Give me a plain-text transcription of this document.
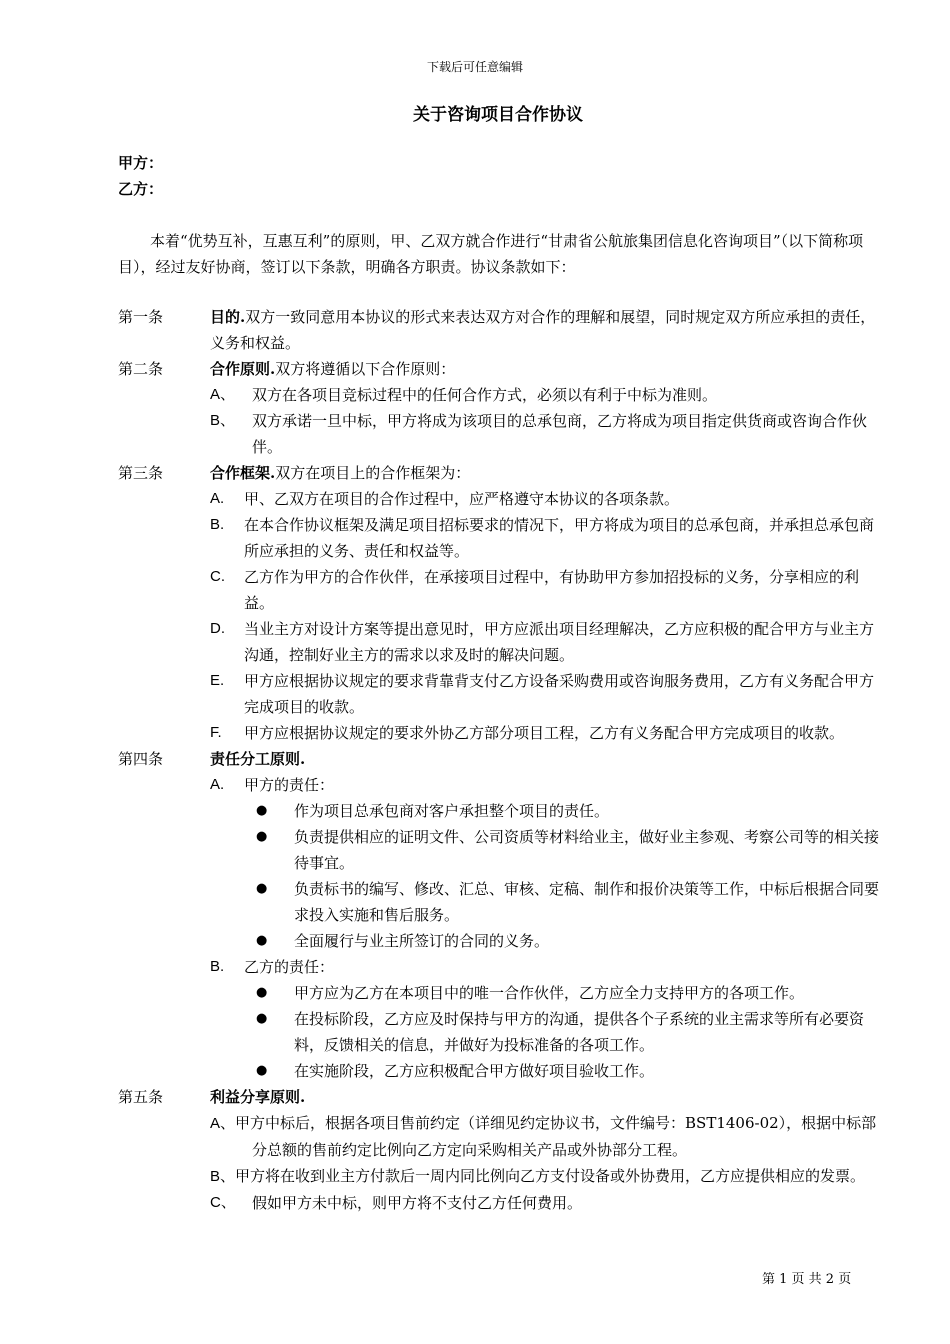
下载后可任意编辑
关于咨询项目合作协议
甲方：
乙方：
本着“优势互补，互惠互利”的原则，甲、乙双方就合作进行“甘肃省公航旅集团信息化咨询项目”（以下简称项目），经过友好协商，签订以下条款，明确各方职责。协议条款如下：
第一条	目的.双方一致同意用本协议的形式来表达双方对合作的理解和展望，同时规定双方所应承担的责任，义务和权益。
第二条	合作原则.双方将遵循以下合作原则：
A、	双方在各项目竞标过程中的任何合作方式，必须以有利于中标为准则。
B、	双方承诺一旦中标，甲方将成为该项目的总承包商，乙方将成为项目指定供货商或咨询合作伙伴。
第三条	合作框架.双方在项目上的合作框架为：
A.	甲、乙双方在项目的合作过程中，应严格遵守本协议的各项条款。
B.	在本合作协议框架及满足项目招标要求的情况下，甲方将成为项目的总承包商，并承担总承包商所应承担的义务、责任和权益等。
C.	乙方作为甲方的合作伙伴，在承接项目过程中，有协助甲方参加招投标的义务，分享相应的利益。
D.	当业主方对设计方案等提出意见时，甲方应派出项目经理解决，乙方应积极的配合甲方与业主方沟通，控制好业主方的需求以求及时的解决问题。
E.	甲方应根据协议规定的要求背靠背支付乙方设备采购费用或咨询服务费用，乙方有义务配合甲方完成项目的收款。
F.	甲方应根据协议规定的要求外协乙方部分项目工程，乙方有义务配合甲方完成项目的收款。
第四条	责任分工原则.
A.	甲方的责任：
●	作为项目总承包商对客户承担整个项目的责任。
●	负责提供相应的证明文件、公司资质等材料给业主，做好业主参观、考察公司等的相关接待事宜。
●	负责标书的编写、修改、汇总、审核、定稿、制作和报价决策等工作，中标后根据合同要求投入实施和售后服务。
●	全面履行与业主所签订的合同的义务。
B.	乙方的责任：
●	甲方应为乙方在本项目中的唯一合作伙伴，乙方应全力支持甲方的各项工作。
●	在投标阶段，乙方应及时保持与甲方的沟通，提供各个子系统的业主需求等所有必要资料，反馈相关的信息，并做好为投标准备的各项工作。
●	在实施阶段，乙方应积极配合甲方做好项目验收工作。
第五条	利益分享原则.
A、甲方中标后，根据各项目售前约定（详细见约定协议书，文件编号：BST1406-02），根据中标部分总额的售前约定比例向乙方定向采购相关产品或外协部分工程。
B、甲方将在收到业主方付款后一周内同比例向乙方支付设备或外协费用，乙方应提供相应的发票。
C、	假如甲方未中标，则甲方将不支付乙方任何费用。
第 1 页 共 2 页
